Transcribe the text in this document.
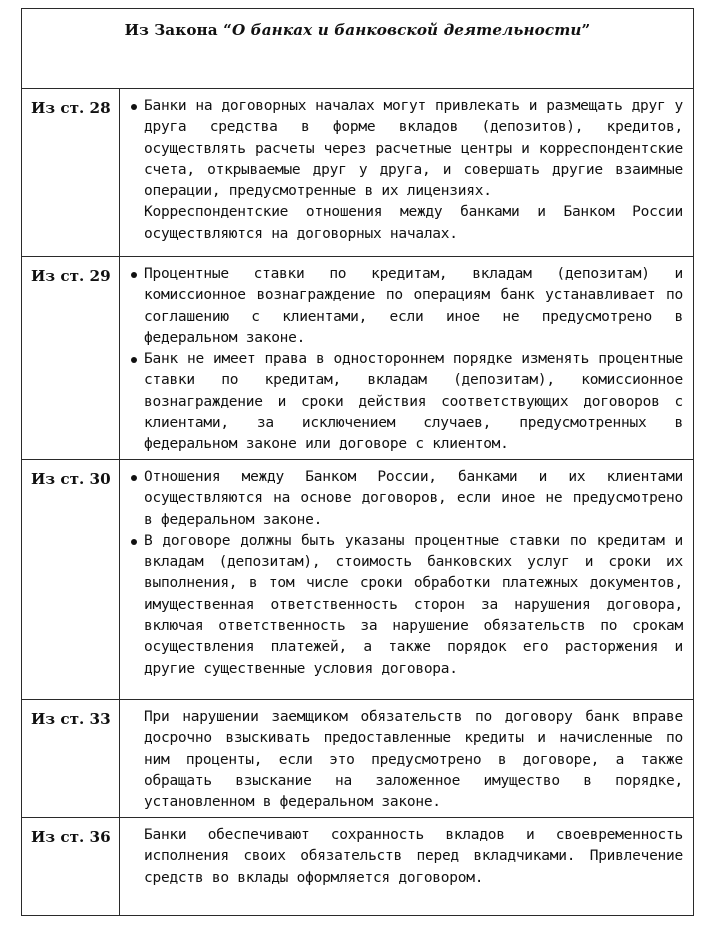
Из Закона “ О банках и банковской деятельности ”
Из ст. 28	Банки на договорных началах могут привлекать и размещать друг у друга средства в форме вкладов (депозитов), кредитов, осуществлять расчеты через расчетные центры и корреспондентские счета, открываемые друг у друга, и совершать другие взаимные операции, предусмотренные в их лицензиях.

Корреспондентские отношения между банками и Банком России осуществляются на договорных началах.

Из ст. 29	Процентные ставки по кредитам, вкладам (депозитам) и комиссионное вознаграждение по операциям банк устанавливает по соглашению с клиентами, если иное не предусмотрено в федеральном законе.

Банк не имеет права в одностороннем порядке изменять процентные ставки по кредитам, вкладам (депозитам), комиссионное вознаграждение и сроки действия соответствующих договоров с клиентами, за исключением случаев, предусмотренных в федеральном законе или договоре с клиентом.

Из ст. 30	Отношения между Банком России, банками и их клиентами осуществляются на основе договоров, если иное не предусмотрено в федеральном законе.

В договоре должны быть указаны процентные ставки по кредитам и вкладам (депозитам), стоимость банковских услуг и сроки их выполнения, в том числе сроки обработки платежных документов, имущественная ответственность сторон за нарушения договора, включая ответственность за нарушение обязательств по срокам осуществления платежей, а также порядок его расторжения и другие существенные условия договора.

Из ст. 33	При нарушении заемщиком обязательств по договору банк вправе досрочно взыскивать предоставленные кредиты и начисленные по ним проценты, если это предусмотрено в договоре, а также обращать взыскание на заложенное имущество в порядке, установленном в федеральном законе.

Из ст. 36	Банки обеспечивают сохранность вкладов и своевременность исполнения своих обязательств перед вкладчиками. Привлечение средств во вклады оформляется договором.
